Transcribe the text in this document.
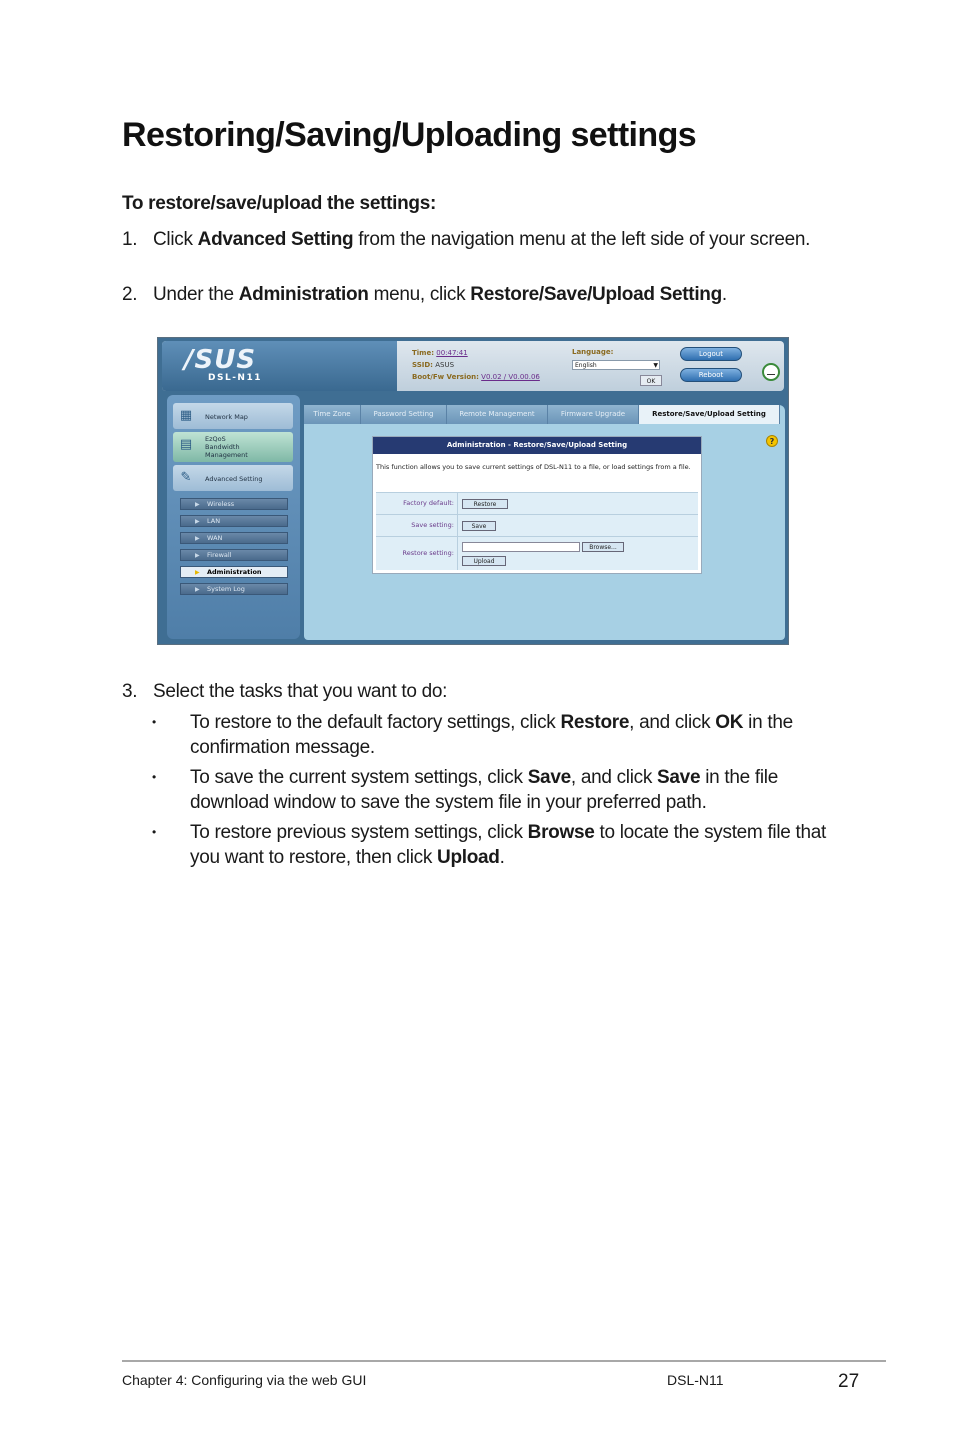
Restoring/Saving/Uploading settings

To restore/save/upload the settings:

1. Click Advanced Setting from the navigation menu at the left side of your screen.
2. Under the Administration menu, click Restore/Save/Upload Setting.
/SUS
DSL-N11
Time: 00:47:41
SSID: ASUS
Boot/Fw Version: V0.02 / V0.00.06
Language:
English	▼
OK
Logout
Reboot
▦ Network Map
▤ EzQoS
Bandwidth
Management
✎	Advanced Setting
▶ Wireless
▶ LAN
▶ WAN
▶ Firewall
▶ Administration
▶ System Log
Time Zone	Password Setting	Remote Management	Firmware Upgrade	Restore/Save/Upload Setting
?
Administration - Restore/Save/Upload Setting
This function allows you to save current settings of DSL-N11 to a file, or load settings from a file.
Factory default:	Restore
Save setting:	Save
Restore setting:
Browse...
Upload
3. Select the tasks that you want to do:
• To restore to the default factory settings, click Restore, and click OK in the confirmation message.
• To save the current system settings, click Save, and click Save in the file download window to save the system file in your preferred path.
• To restore previous system settings, click Browse to locate the system file that you want to restore, then click Upload.
Chapter 4: Configuring via the web GUI	DSL-N11	27
